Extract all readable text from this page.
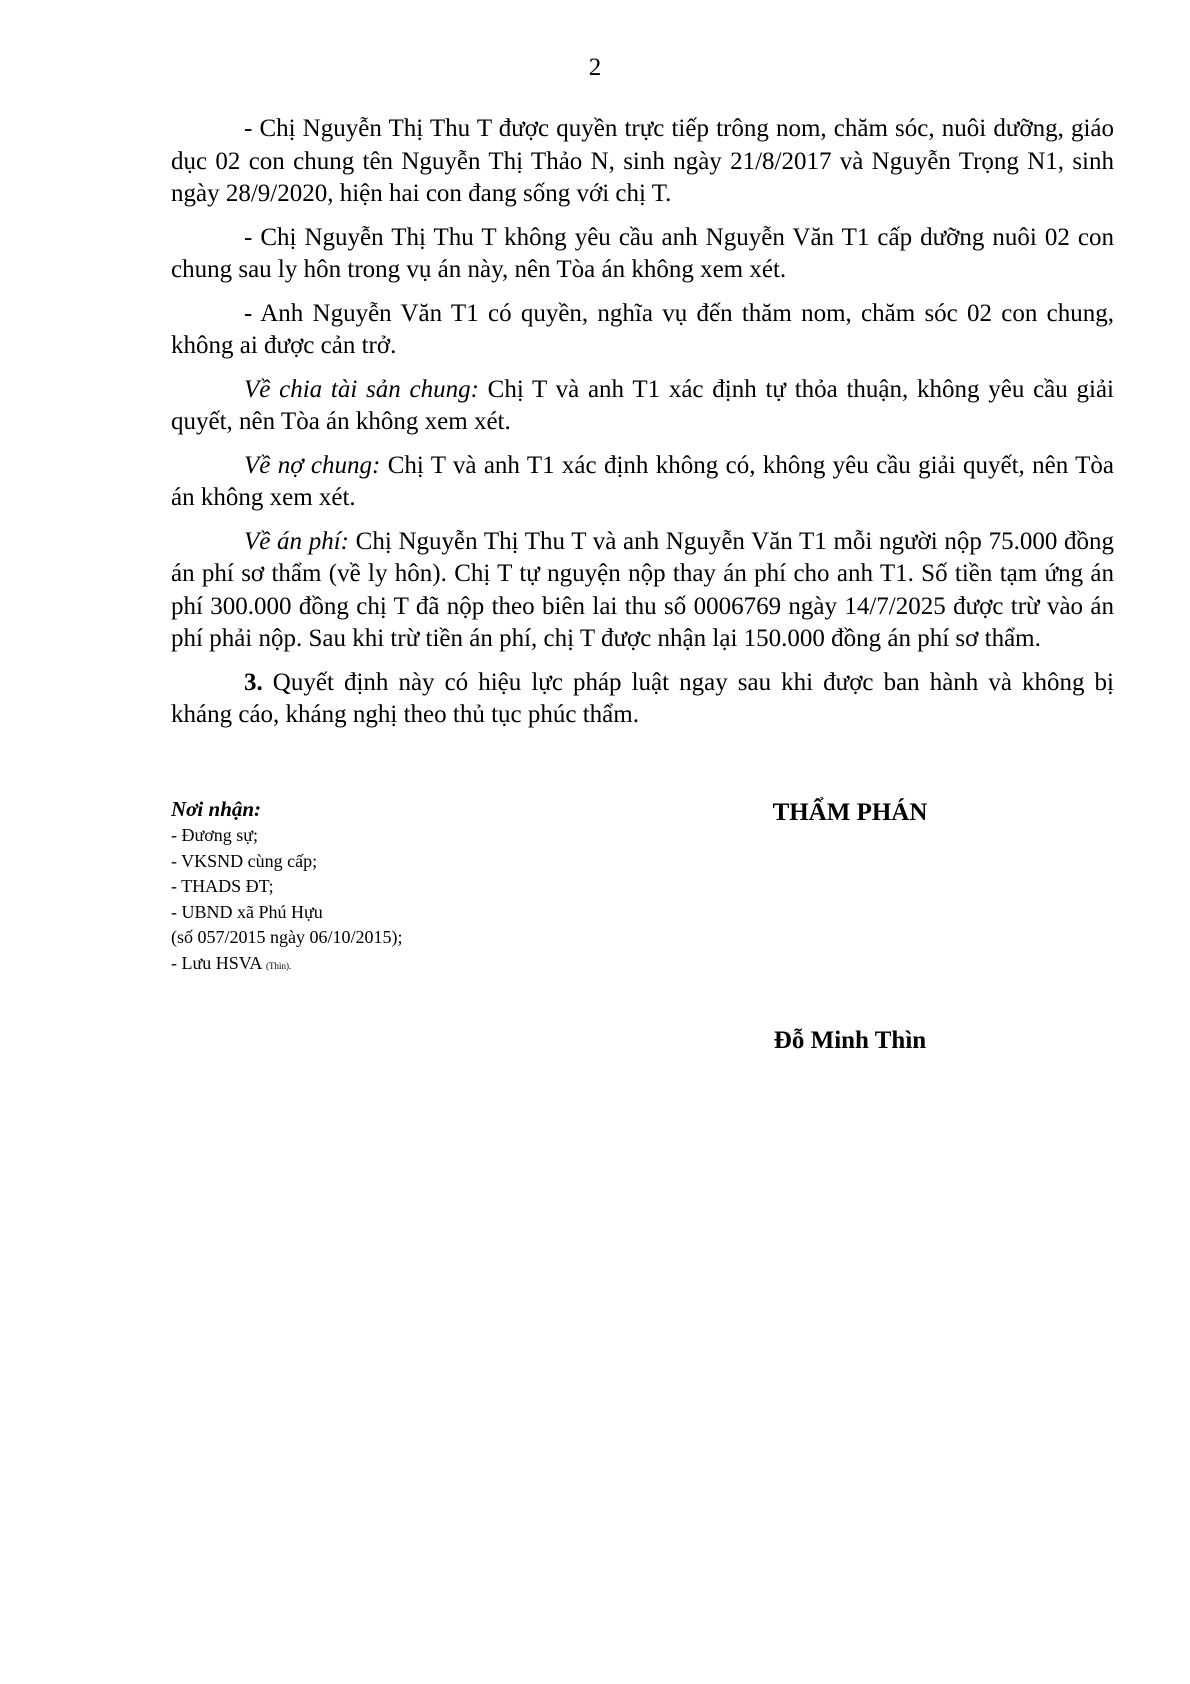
2

- Chị Nguyễn Thị Thu T được quyền trực tiếp trông nom, chăm sóc, nuôi dưỡng, giáo dục 02 con chung tên Nguyễn Thị Thảo N, sinh ngày 21/8/2017 và Nguyễn Trọng N1, sinh ngày 28/9/2020, hiện hai con đang sống với chị T.

- Chị Nguyễn Thị Thu T không yêu cầu anh Nguyễn Văn T1 cấp dưỡng nuôi 02 con chung sau ly hôn trong vụ án này, nên Tòa án không xem xét.

- Anh Nguyễn Văn T1 có quyền, nghĩa vụ đến thăm nom, chăm sóc 02 con chung, không ai được cản trở.

Về chia tài sản chung: Chị T và anh T1 xác định tự thỏa thuận, không yêu cầu giải quyết, nên Tòa án không xem xét.

Về nợ chung: Chị T và anh T1 xác định không có, không yêu cầu giải quyết, nên Tòa án không xem xét.

Về án phí: Chị Nguyễn Thị Thu T và anh Nguyễn Văn T1 mỗi người nộp 75.000 đồng án phí sơ thẩm (về ly hôn). Chị T tự nguyện nộp thay án phí cho anh T1. Số tiền tạm ứng án phí 300.000 đồng chị T đã nộp theo biên lai thu số 0006769 ngày 14/7/2025 được trừ vào án phí phải nộp. Sau khi trừ tiền án phí, chị T được nhận lại 150.000 đồng án phí sơ thẩm.

3. Quyết định này có hiệu lực pháp luật ngay sau khi được ban hành và không bị kháng cáo, kháng nghị theo thủ tục phúc thẩm.

Nơi nhận:
- Đương sự;
- VKSND cùng cấp;
- THADS ĐT;
- UBND xã Phú Hựu
(số 057/2015 ngày 06/10/2015);
- Lưu HSVA (Thìn).
THẨM PHÁN
Đỗ Minh Thìn
